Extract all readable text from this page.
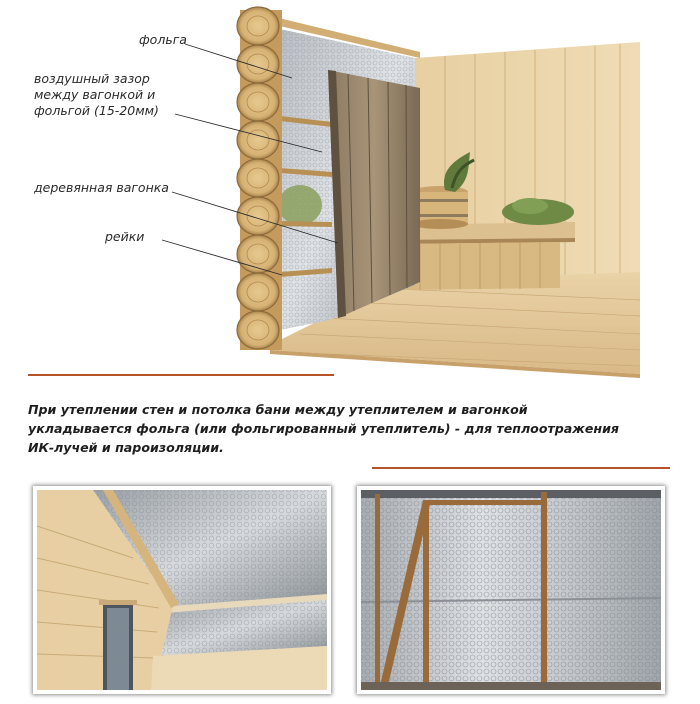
фольга
воздушный зазор
между вагонкой и
фольгой (15-20мм)
деревянная вагонка
рейки
При утеплении стен и потолка бани между утеплителем и вагонкой
укладывается фольга (или фольгированный утеплитель) - для теплоотражения
ИК-лучей и пароизоляции.
